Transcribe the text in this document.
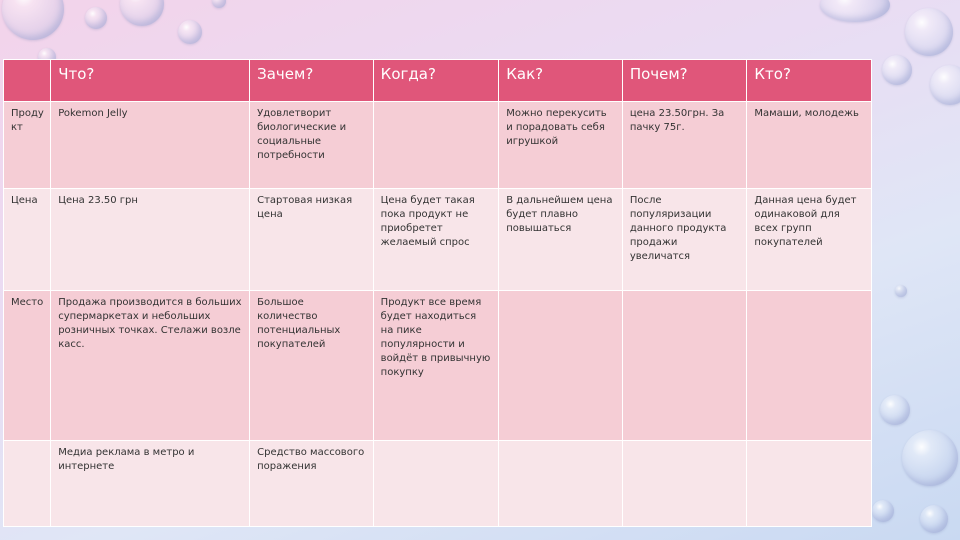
	Что?	Зачем?	Когда?	Как?	Почем?	Кто?
Проду кт	Pokemon Jelly	Удовлетворит биологические и социальные потребности		Можно перекусить и порадовать себя игрушкой	цена 23.50грн. За пачку 75г.	Мамаши, молодежь
Цена	Цена 23.50 грн	Стартовая низкая цена	Цена будет такая пока продукт не приобретет желаемый спрос	В дальнейшем цена будет плавно повышаться	После популяризации данного продукта продажи увеличатся	Данная цена будет одинаковой для всех групп покупателей
Место	Продажа производится в больших супермаркетах и небольших розничных точках. Стелажи возле касс.	Большое количество потенциальных покупателей	Продукт все время будет находиться на пике популярности и войдёт в привычную покупку			
	Медиа реклама в метро и интернете	Средство массового поражения				
